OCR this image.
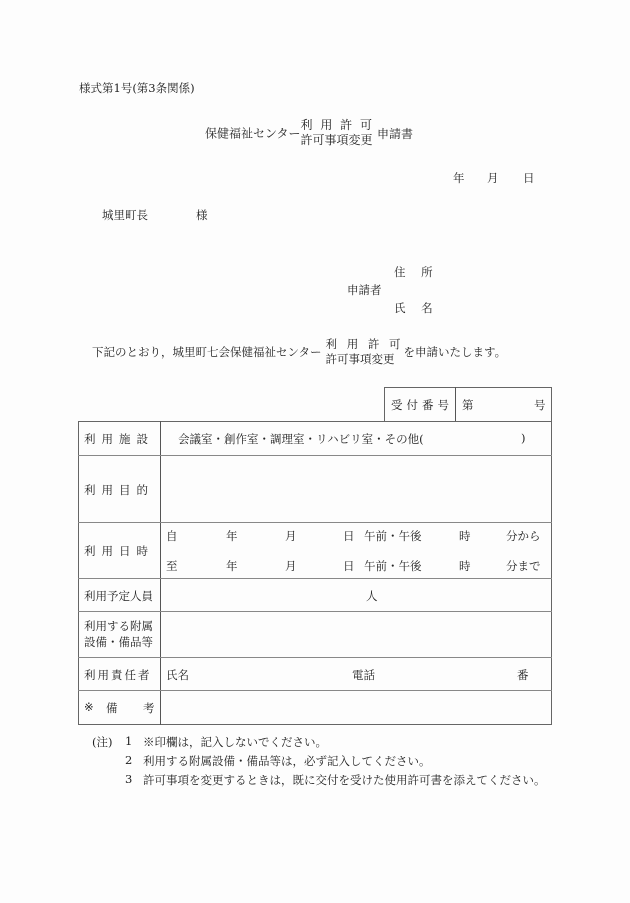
様式第1号(第3条関係)
保健福祉センター
利 用 許 可
許可事項変更 申請書
年 月 日
城里町長	様
住 所
申請者
氏 名
下記のとおり，城里町七会保健福祉センター
利 用 許 可
許可事項変更 を申請いたします。
受付番号 第	号
利用施設 会議室・創作室・調理室・リハビリ室・その他(	)
利用目的
利用日時
自	年	月	日 午前・午後	時	分から
至	年	月	日 午前・午後	時	分まで
利用予定人員	人
利用する附属
設備・備品等
利用責任者 氏名	電話	番
※ 備 考
(注) 1 ※印欄は，記入しないでください。
2 利用する附属設備・備品等は，必ず記入してください。
3 許可事項を変更するときは，既に交付を受けた使用許可書を添えてください。
